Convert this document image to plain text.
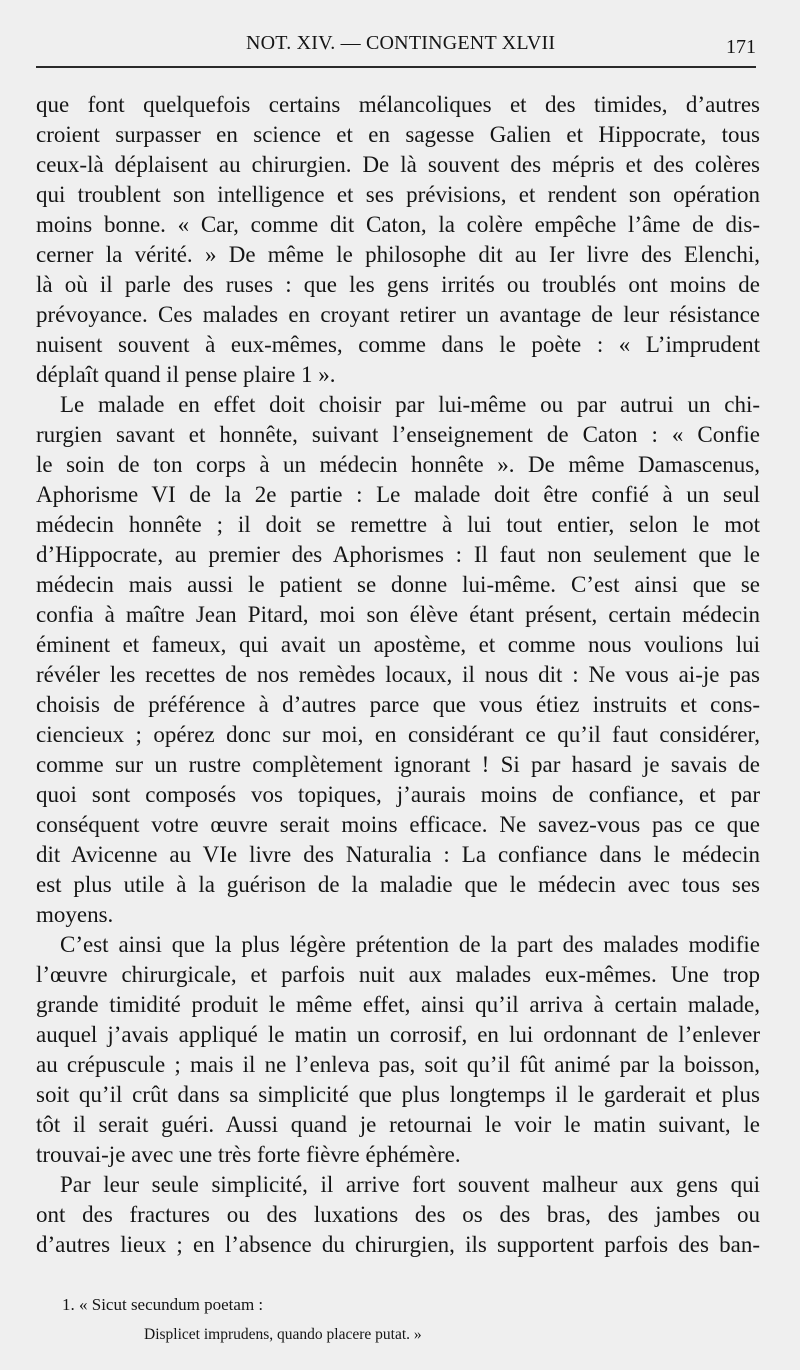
NOT. XIV. — CONTINGENT XLVII	171
que font quelquefois certains mélancoliques et des timides, d’autres
croient surpasser en science et en sagesse Galien et Hippocrate, tous
ceux-là déplaisent au chirurgien. De là souvent des mépris et des colères
qui troublent son intelligence et ses prévisions, et rendent son opération
moins bonne. « Car, comme dit Caton, la colère empêche l’âme de dis-
cerner la vérité. » De même le philosophe dit au Ier livre des Elenchi,
là où il parle des ruses : que les gens irrités ou troublés ont moins de
prévoyance. Ces malades en croyant retirer un avantage de leur résistance
nuisent souvent à eux-mêmes, comme dans le poète : « L’imprudent
déplaît quand il pense plaire 1 ».
Le malade en effet doit choisir par lui-même ou par autrui un chi-
rurgien savant et honnête, suivant l’enseignement de Caton : « Confie
le soin de ton corps à un médecin honnête ». De même Damascenus,
Aphorisme VI de la 2e partie : Le malade doit être confié à un seul
médecin honnête ; il doit se remettre à lui tout entier, selon le mot
d’Hippocrate, au premier des Aphorismes : Il faut non seulement que le
médecin mais aussi le patient se donne lui-même. C’est ainsi que se
confia à maître Jean Pitard, moi son élève étant présent, certain médecin
éminent et fameux, qui avait un apostème, et comme nous voulions lui
révéler les recettes de nos remèdes locaux, il nous dit : Ne vous ai-je pas
choisis de préférence à d’autres parce que vous étiez instruits et cons-
ciencieux ; opérez donc sur moi, en considérant ce qu’il faut considérer,
comme sur un rustre complètement ignorant ! Si par hasard je savais de
quoi sont composés vos topiques, j’aurais moins de confiance, et par
conséquent votre œuvre serait moins efficace. Ne savez-vous pas ce que
dit Avicenne au VIe livre des Naturalia : La confiance dans le médecin
est plus utile à la guérison de la maladie que le médecin avec tous ses
moyens.
C’est ainsi que la plus légère prétention de la part des malades modifie
l’œuvre chirurgicale, et parfois nuit aux malades eux-mêmes. Une trop
grande timidité produit le même effet, ainsi qu’il arriva à certain malade,
auquel j’avais appliqué le matin un corrosif, en lui ordonnant de l’enlever
au crépuscule ; mais il ne l’enleva pas, soit qu’il fût animé par la boisson,
soit qu’il crût dans sa simplicité que plus longtemps il le garderait et plus
tôt il serait guéri. Aussi quand je retournai le voir le matin suivant, le
trouvai-je avec une très forte fièvre éphémère.
Par leur seule simplicité, il arrive fort souvent malheur aux gens qui
ont des fractures ou des luxations des os des bras, des jambes ou
d’autres lieux ; en l’absence du chirurgien, ils supportent parfois des ban-
1. « Sicut secundum poetam :
Displicet imprudens, quando placere putat. »
